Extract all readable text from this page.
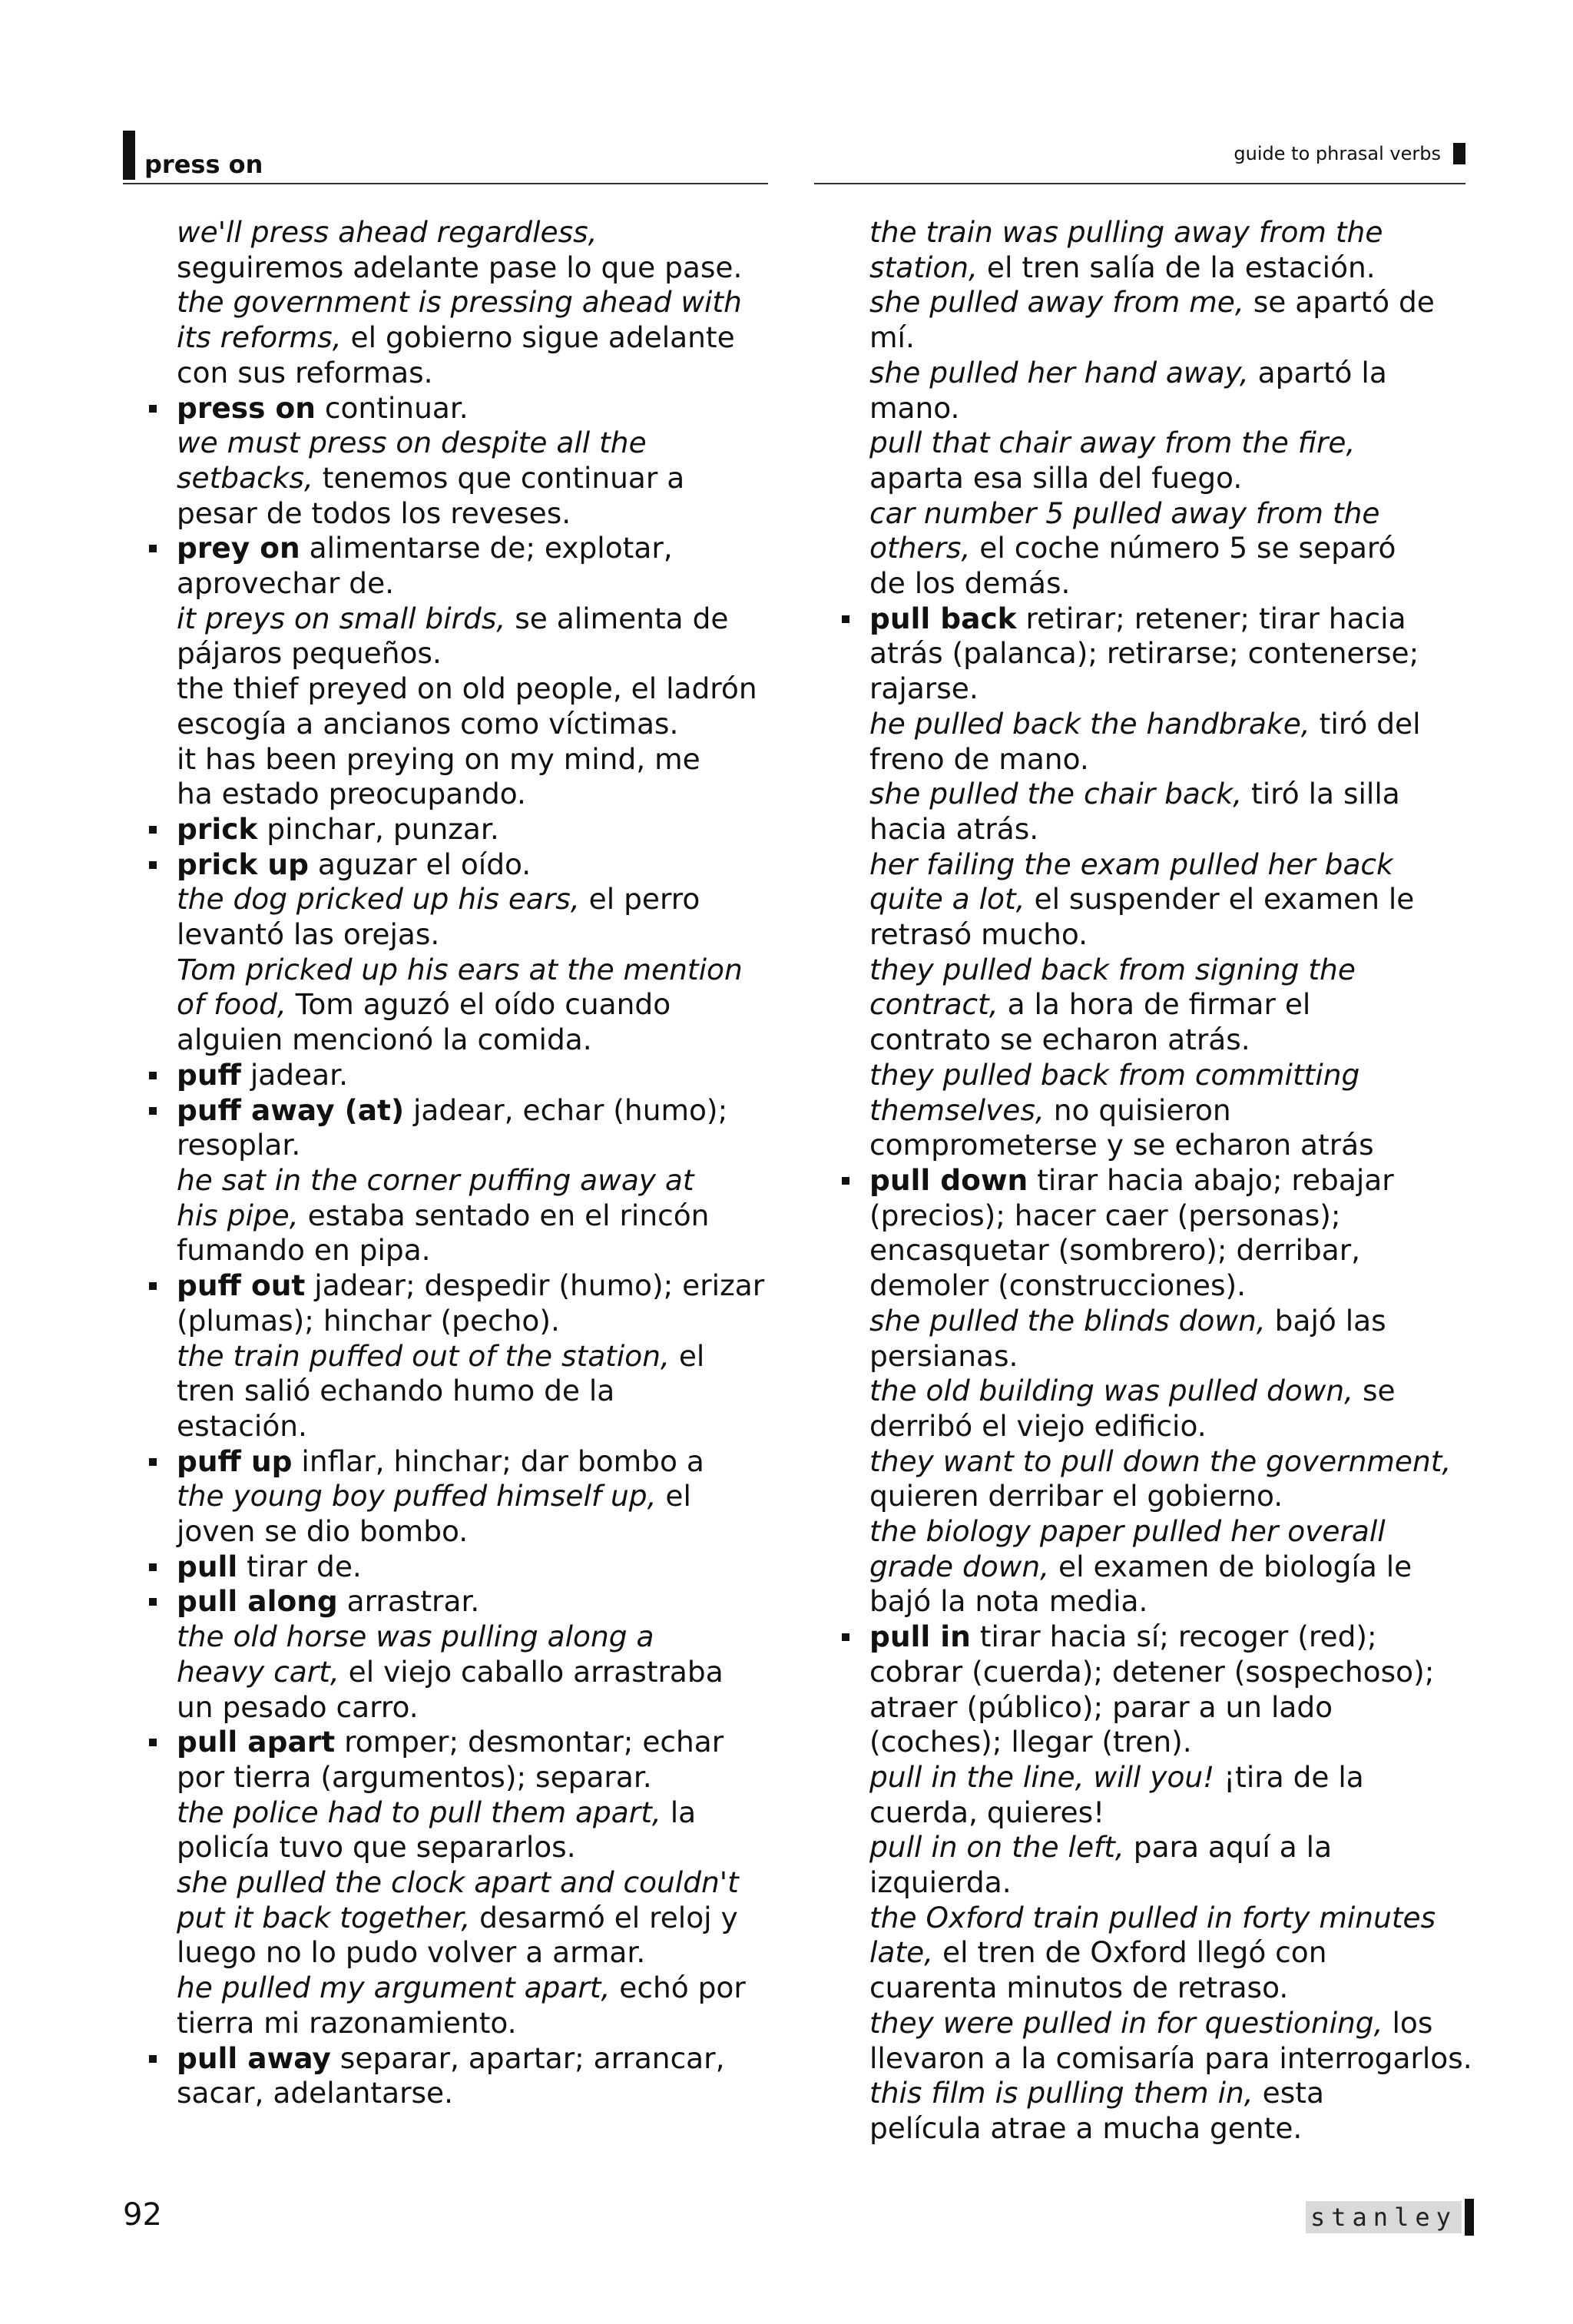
press on	guide to phrasal verbs
we'll press ahead regardless,
seguiremos adelante pase lo que pase.
the government is pressing ahead with
its reforms, el gobierno sigue adelante
con sus reformas.
press on continuar.
we must press on despite all the
setbacks, tenemos que continuar a
pesar de todos los reveses.
prey on alimentarse de; explotar,
aprovechar de.
it preys on small birds, se alimenta de
pájaros pequeños.
the thief preyed on old people, el ladrón
escogía a ancianos como víctimas.
it has been preying on my mind, me
ha estado preocupando.
prick pinchar, punzar.
prick up aguzar el oído.
the dog pricked up his ears, el perro
levantó las orejas.
Tom pricked up his ears at the mention
of food, Tom aguzó el oído cuando
alguien mencionó la comida.
puff jadear.
puff away (at) jadear, echar (humo);
resoplar.
he sat in the corner puffing away at
his pipe, estaba sentado en el rincón
fumando en pipa.
puff out jadear; despedir (humo); erizar
(plumas); hinchar (pecho).
the train puffed out of the station, el
tren salió echando humo de la
estación.
puff up inflar, hinchar; dar bombo a
the young boy puffed himself up, el
joven se dio bombo.
pull tirar de.
pull along arrastrar.
the old horse was pulling along a
heavy cart, el viejo caballo arrastraba
un pesado carro.
pull apart romper; desmontar; echar
por tierra (argumentos); separar.
the police had to pull them apart, la
policía tuvo que separarlos.
she pulled the clock apart and couldn't
put it back together, desarmó el reloj y
luego no lo pudo volver a armar.
he pulled my argument apart, echó por
tierra mi razonamiento.
pull away separar, apartar; arrancar,
sacar, adelantarse.
the train was pulling away from the
station, el tren salía de la estación.
she pulled away from me, se apartó de
mí.
she pulled her hand away, apartó la
mano.
pull that chair away from the fire,
aparta esa silla del fuego.
car number 5 pulled away from the
others, el coche número 5 se separó
de los demás.
pull back retirar; retener; tirar hacia
atrás (palanca); retirarse; contenerse;
rajarse.
he pulled back the handbrake, tiró del
freno de mano.
she pulled the chair back, tiró la silla
hacia atrás.
her failing the exam pulled her back
quite a lot, el suspender el examen le
retrasó mucho.
they pulled back from signing the
contract, a la hora de firmar el
contrato se echaron atrás.
they pulled back from committing
themselves, no quisieron
comprometerse y se echaron atrás
pull down tirar hacia abajo; rebajar
(precios); hacer caer (personas);
encasquetar (sombrero); derribar,
demoler (construcciones).
she pulled the blinds down, bajó las
persianas.
the old building was pulled down, se
derribó el viejo edificio.
they want to pull down the government,
quieren derribar el gobierno.
the biology paper pulled her overall
grade down, el examen de biología le
bajó la nota media.
pull in tirar hacia sí; recoger (red);
cobrar (cuerda); detener (sospechoso);
atraer (público); parar a un lado
(coches); llegar (tren).
pull in the line, will you! ¡tira de la
cuerda, quieres!
pull in on the left, para aquí a la
izquierda.
the Oxford train pulled in forty minutes
late, el tren de Oxford llegó con
cuarenta minutos de retraso.
they were pulled in for questioning, los
llevaron a la comisaría para interrogarlos.
this film is pulling them in, esta
película atrae a mucha gente.
92	stanley
